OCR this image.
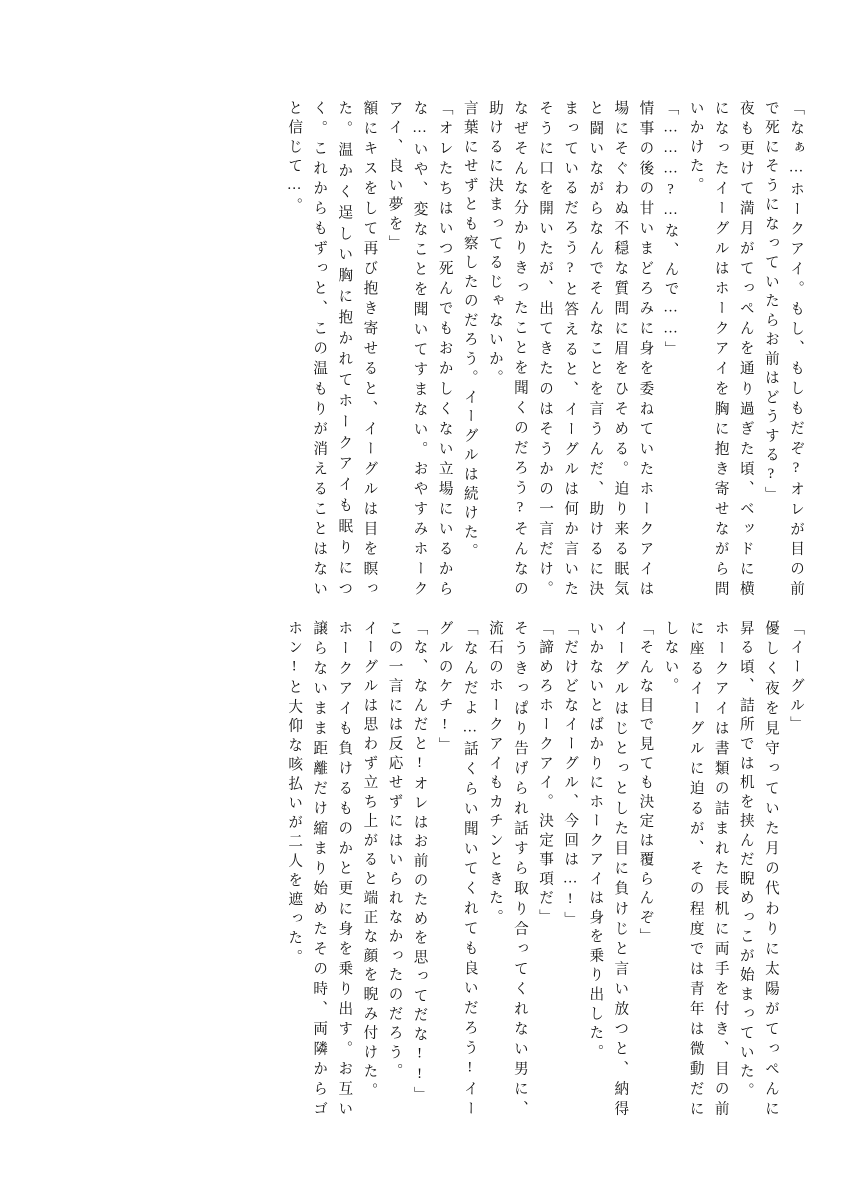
「なぁ…ホークアイ。もし、もしもだぞ?オレが目の前で死にそうになっていたらお前はどうする?」

夜も更けて満月がてっぺんを通り過ぎた頃、ベッドに横になったイーグルはホークアイを胸に抱き寄せながら問いかけた。

「………?…な、んで……」

情事の後の甘いまどろみに身を委ねていたホークアイは場にそぐわぬ不穏な質問に眉をひそめる。迫り来る眠気と闘いながらなんでそんなことを言うんだ、助けるに決まっているだろう?と答えると、イーグルは何か言いたそうに口を開いたが、出てきたのはそうかの一言だけ。なぜそんな分かりきったことを聞くのだろう?そんなの助けるに決まってるじゃないか。

言葉にせずとも察したのだろう。イーグルは続けた。

「オレたちはいつ死んでもおかしくない立場にいるからな…いや、変なことを聞いてすまない。おやすみホークアイ、良い夢を」

額にキスをして再び抱き寄せると、イーグルは目を瞑った。温かく逞しい胸に抱かれてホークアイも眠りにつく。これからもずっと、この温もりが消えることはないと信じて…。

「イーグル」

優しく夜を見守っていた月の代わりに太陽がてっぺんに昇る頃、詰所では机を挟んだ睨めっこが始まっていた。

ホークアイは書類の詰まれた長机に両手を付き、目の前に座るイーグルに迫るが、その程度では青年は微動だにしない。

「そんな目で見ても決定は覆らんぞ」

イーグルはじとっとした目に負けじと言い放つと、納得いかないとばかりにホークアイは身を乗り出した。

「だけどなイーグル、今回は…!」

「諦めろホークアイ。決定事項だ」

そうきっぱり告げられ話すら取り合ってくれない男に、流石のホークアイもカチンときた。

「なんだよ…話くらい聞いてくれても良いだろう!イーグルのケチ!」

「な、なんだと!オレはお前のためを思ってだな!!」

この一言には反応せずにはいられなかったのだろう。

イーグルは思わず立ち上がると端正な顔を睨み付けた。

ホークアイも負けるものかと更に身を乗り出す。お互い譲らないまま距離だけ縮まり始めたその時、両隣からゴホン!と大仰な咳払いが二人を遮った。
